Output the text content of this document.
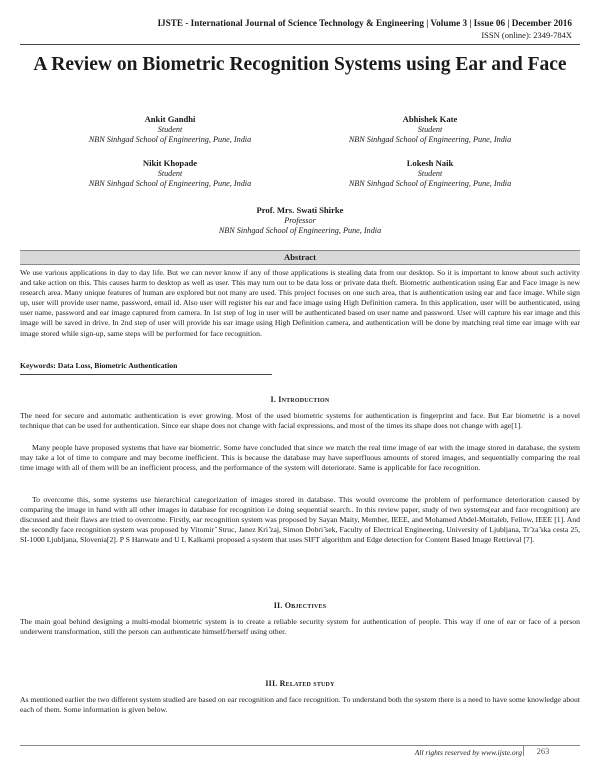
IJSTE - International Journal of Science Technology & Engineering | Volume 3 | Issue 06 | December 2016
ISSN (online): 2349-784X
A Review on Biometric Recognition Systems using Ear and Face
Ankit Gandhi
Student
NBN Sinhgad School of Engineering, Pune, India
Abhishek Kate
Student
NBN Sinhgad School of Engineering, Pune, India
Nikit Khopade
Student
NBN Sinhgad School of Engineering, Pune, India
Lokesh Naik
Student
NBN Sinhgad School of Engineering, Pune, India
Prof. Mrs. Swati Shirke
Professor
NBN Sinhgad School of Engineering, Pune, India
Abstract
We use various applications in day to day life. But we can never know if any of those applications is stealing data from our desktop. So it is important to know about such activity and take action on this. This causes harm to desktop as well as user. This may turn out to be data loss or private data theft. Biometric authentication using Ear and Face image is new research area. Many unique features of human are explored but not many are used. This project focuses on one such area, that is authentication using ear and face image. While sign up, user will provide user name, password, email id. Also user will register his ear and face image using High Definition camera. In this application, user will be authenticated, using user name, password and ear image captured from camera. In 1st step of log in user will be authenticated based on user name and password. User will capture his ear image and this image will be saved in drive. In 2nd step of user will provide his ear image using High Definition camera, and authentication will be done by matching real time ear image with ear image stored while sign-up, same steps will be performed for face recognition.
Keywords: Data Loss, Biometric Authentication
I. Introduction
The need for secure and automatic authentication is ever growing. Most of the used biometric systems for authentication is fingerprint and face. But Ear biometric is a novel technique that can be used for authentication. Since ear shape does not change with facial expressions, and most of the times its shape does not change with age[1].
Many people have proposed systems that have ear biometric. Some have concluded that since we match the real time image of ear with the image stored in database, the system may take a lot of time to compare and may become inefficient. This is because the database may have superfluous amounts of stored images, and sequentially comparing the real time image with all of them will be an inefficient process, and the performance of the system will deteriorate. Same is applicable for face recognition.
To overcome this, some systems use hierarchical categorization of images stored in database. This would overcome the problem of performance deterioration caused by comparing the image in hand with all other images in database for recognition i.e doing sequential search.. In this review paper, study of two systems(ear and face recognition) are discussed and their flaws are tried to overcome. Firstly, ear recognition system was proposed by Sayan Maity, Member, IEEE, and Mohamed Abdel-Mottaleb, Fellow, IEEE [1]. And the secondly face recognition system was proposed by Vitomir ̆ Struc, Janez Kri ̆zaj, Simon Dobri ̆sek, Faculty of Electrical Engineering, University of Ljubljana, Tr ̆za ̆ska cesta 25, SI-1000 Ljubljana, Slovenia[2]. P S Hanwate and U L Kalkarni proposed a system that uses SIFT algorithm and Edge detection for Content Based Image Retrieval [7].
II. Objectives
The main goal behind designing a multi-modal biometric system is to create a reliable security system for authentication of people. This way if one of ear or face of a person underwent transformation, still the person can authenticate himself/herself using other.
III. Related study
As mentioned earlier the two different system studied are based on ear recognition and face recognition. To understand both the system there is a need to have some knowledge about each of them. Some information is given below.
All rights reserved by www.ijste.org	263
